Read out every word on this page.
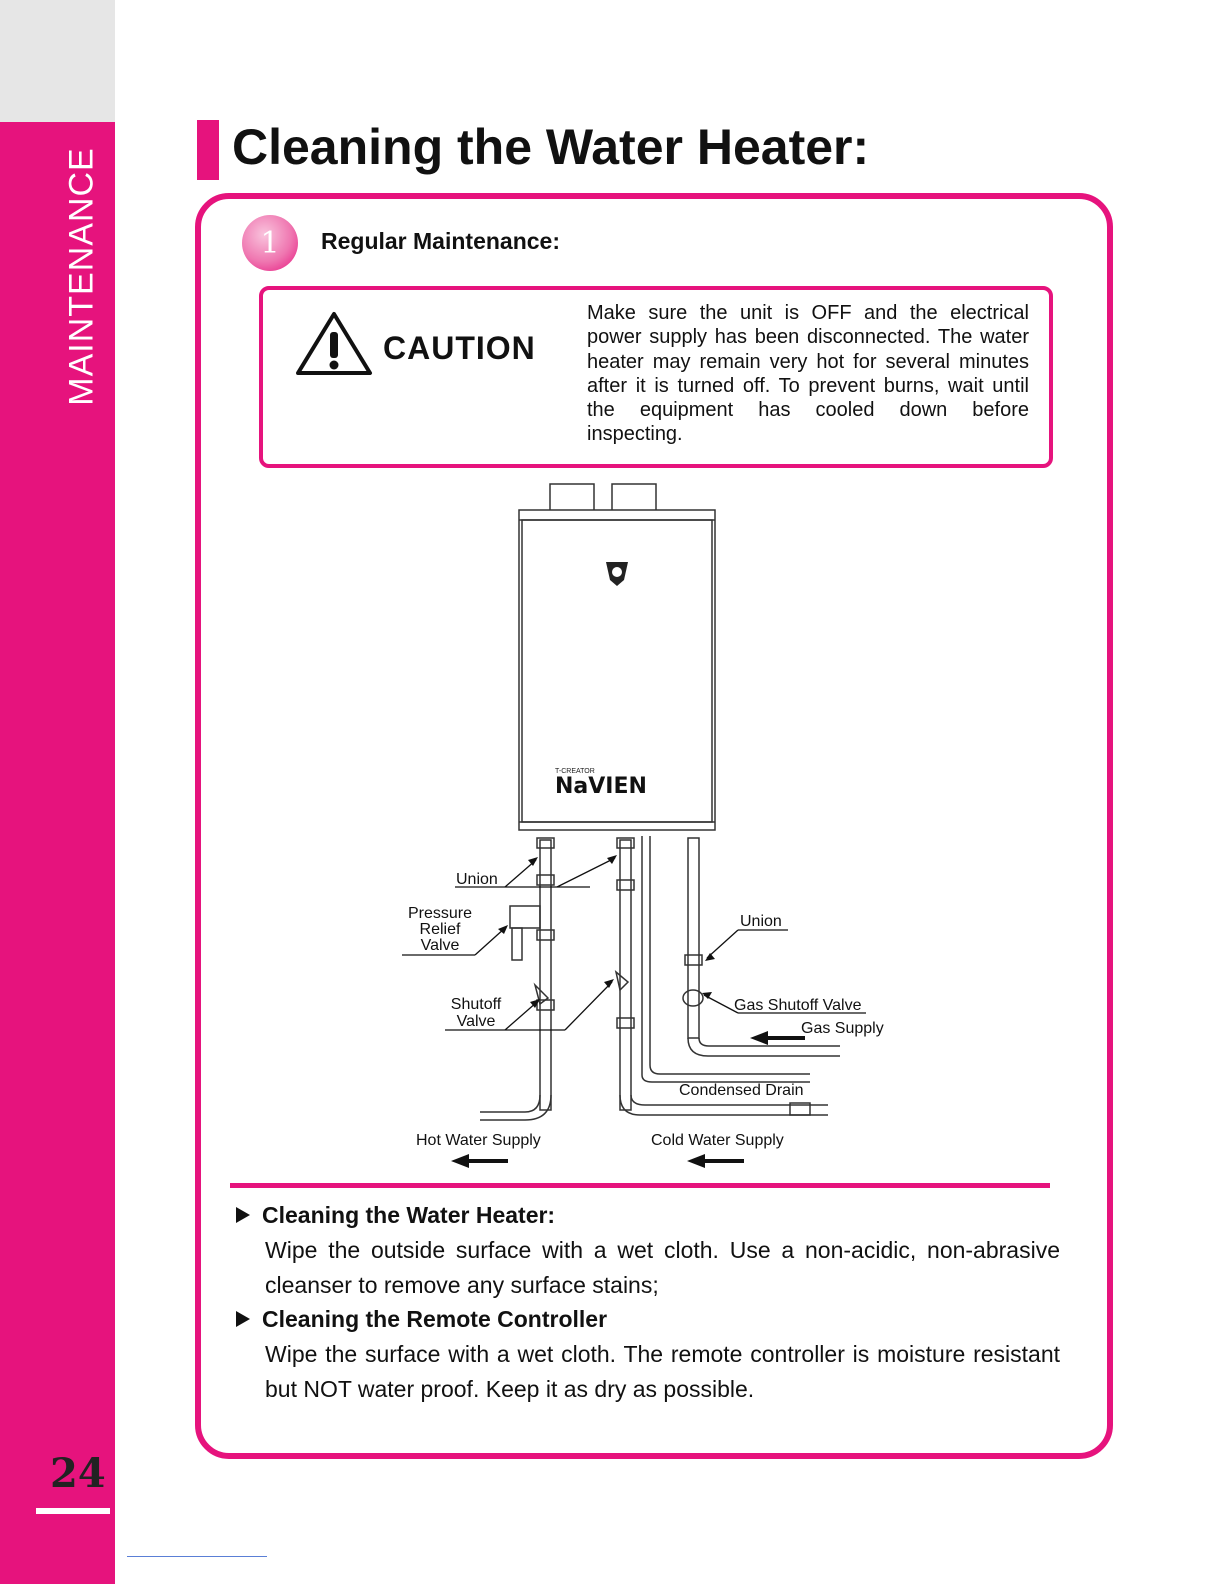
MAINTENANCE
24
Cleaning the Water Heater:
1	Regular Maintenance:
CAUTION
Make sure the unit is OFF and the electrical power supply has been disconnected. The water heater may remain very hot for several minutes after it is turned off. To prevent burns, wait until the equipment has cooled down before inspecting.
T-CREATOR
NaVIEN
Union
Pressure
Relief
Valve
Shutoff
Valve
Union
Gas Shutoff Valve
Gas Supply
Condensed Drain
Hot Water Supply	Cold Water Supply
Cleaning the Water Heater:
Wipe the outside surface with a wet cloth. Use a non-acidic, non-abrasive cleanser to remove any surface stains;
Cleaning the Remote Controller
Wipe the surface with a wet cloth. The remote controller is moisture resistant but NOT water proof. Keep it as dry as possible.
